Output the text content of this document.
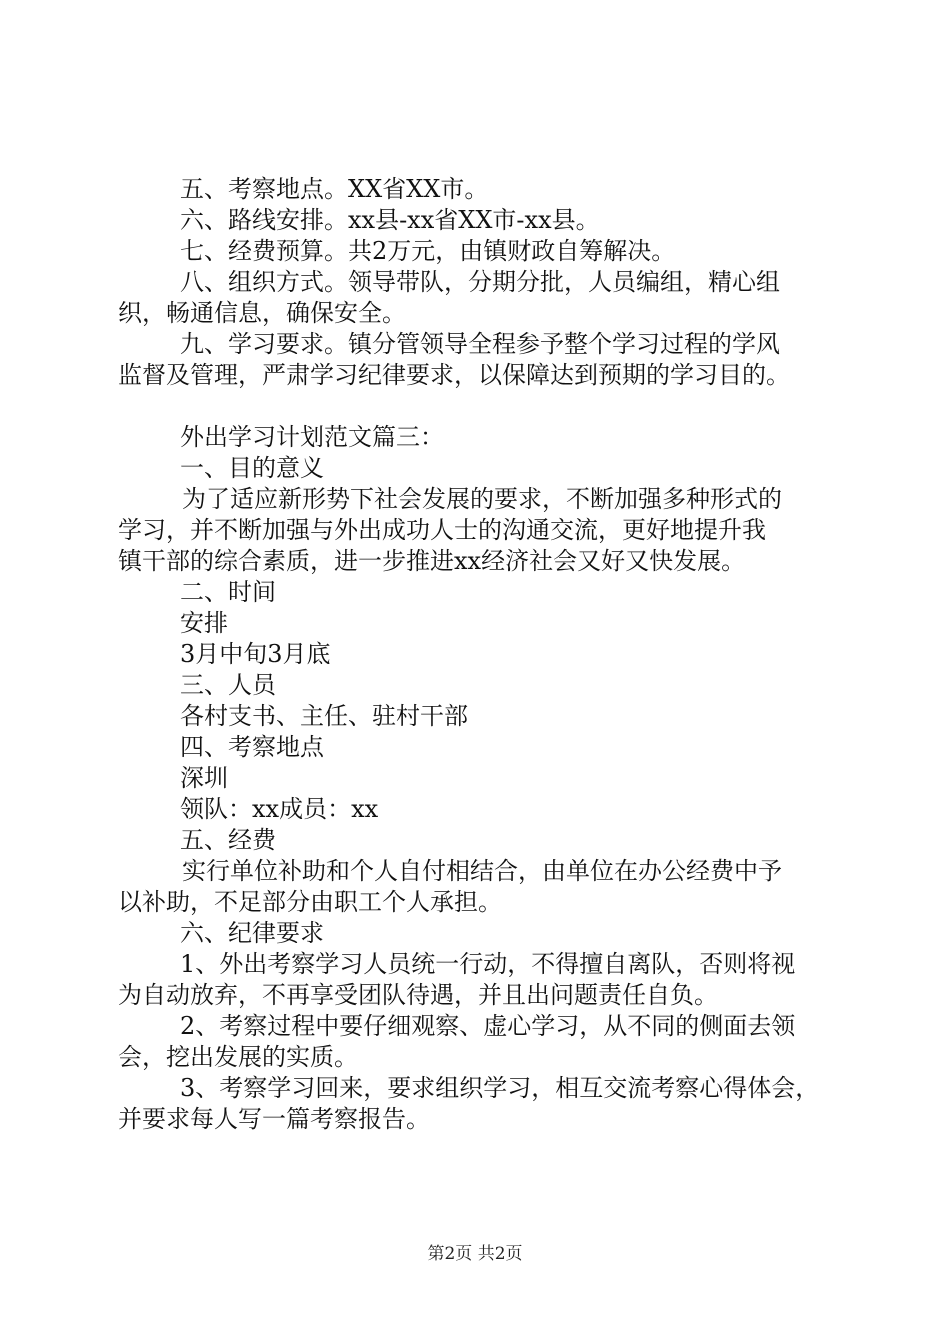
五、考察地点。XX省XX市。
六、路线安排。xx县-xx省XX市-xx县。
七、经费预算。共2万元，由镇财政自筹解决。
八、组织方式。领导带队，分期分批，人员编组，精心组
织，畅通信息，确保安全。
九、学习要求。镇分管领导全程参予整个学习过程的学风
监督及管理，严肃学习纪律要求，以保障达到预期的学习目的。
外出学习计划范文篇三：
一、目的意义
为了适应新形势下社会发展的要求，不断加强多种形式的
学习，并不断加强与外出成功人士的沟通交流，更好地提升我
镇干部的综合素质，进一步推进xx经济社会又好又快发展。
二、时间
安排
3月中旬3月底
三、人员
各村支书、主任、驻村干部
四、考察地点
深圳
领队：xx成员：xx
五、经费
实行单位补助和个人自付相结合，由单位在办公经费中予
以补助，不足部分由职工个人承担。
六、纪律要求
1、外出考察学习人员统一行动，不得擅自离队，否则将视
为自动放弃，不再享受团队待遇，并且出问题责任自负。
2、考察过程中要仔细观察、虚心学习，从不同的侧面去领
会，挖出发展的实质。
3、考察学习回来，要求组织学习，相互交流考察心得体会，
并要求每人写一篇考察报告。
第2页 共2页
